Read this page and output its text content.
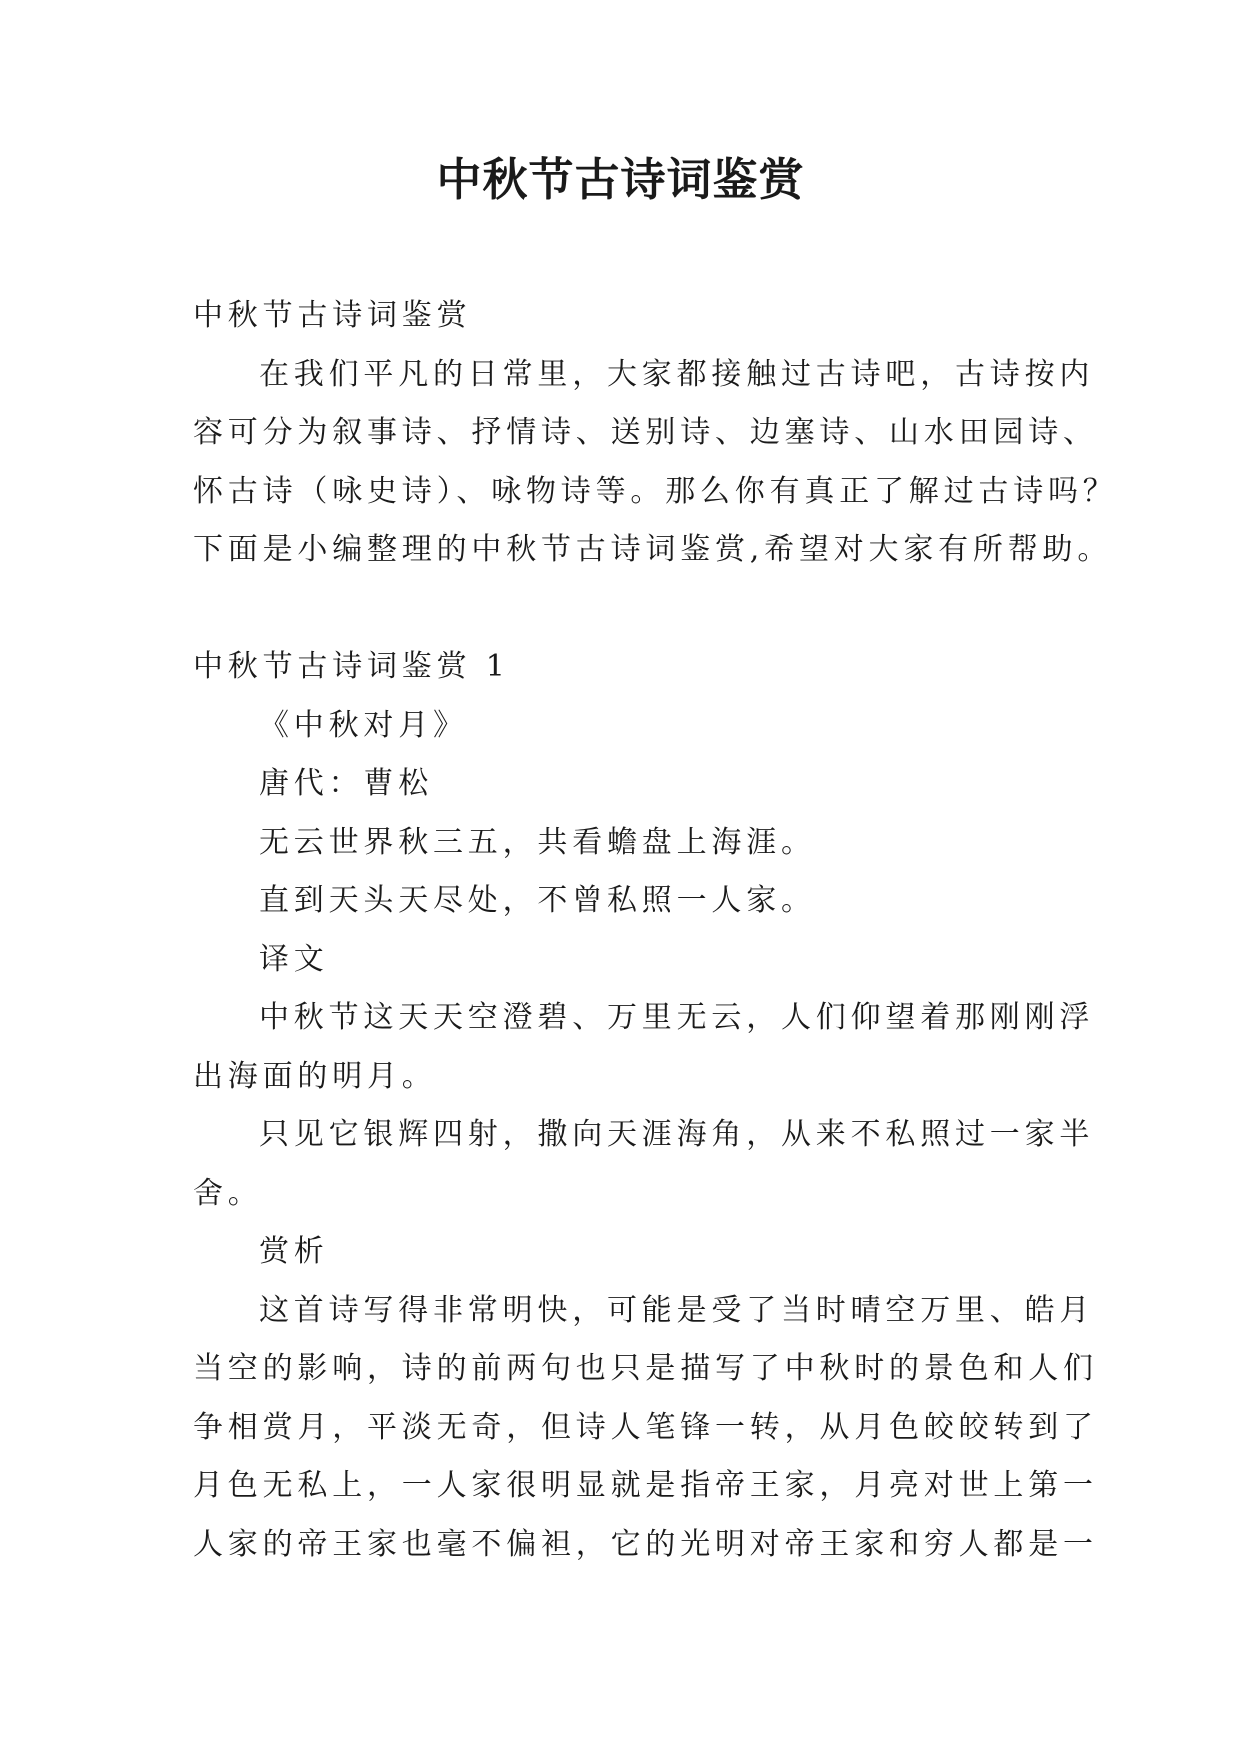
中秋节古诗词鉴赏
中秋节古诗词鉴赏
在我们平凡的日常里，大家都接触过古诗吧，古诗按内
容可分为叙事诗、抒情诗、送别诗、边塞诗、山水田园诗、
怀古诗（咏史诗）、咏物诗等。那么你有真正了解过古诗吗？
下面是小编整理的中秋节古诗词鉴赏,希望对大家有所帮助。
中秋节古诗词鉴赏 1
《中秋对月》
唐代：曹松
无云世界秋三五，共看蟾盘上海涯。
直到天头天尽处，不曾私照一人家。
译文
中秋节这天天空澄碧、万里无云，人们仰望着那刚刚浮
出海面的明月。
只见它银辉四射，撒向天涯海角，从来不私照过一家半
舍。
赏析
这首诗写得非常明快，可能是受了当时晴空万里、皓月
当空的影响，诗的前两句也只是描写了中秋时的景色和人们
争相赏月，平淡无奇，但诗人笔锋一转，从月色皎皎转到了
月色无私上，一人家很明显就是指帝王家，月亮对世上第一
人家的帝王家也毫不偏袒，它的光明对帝王家和穷人都是一
